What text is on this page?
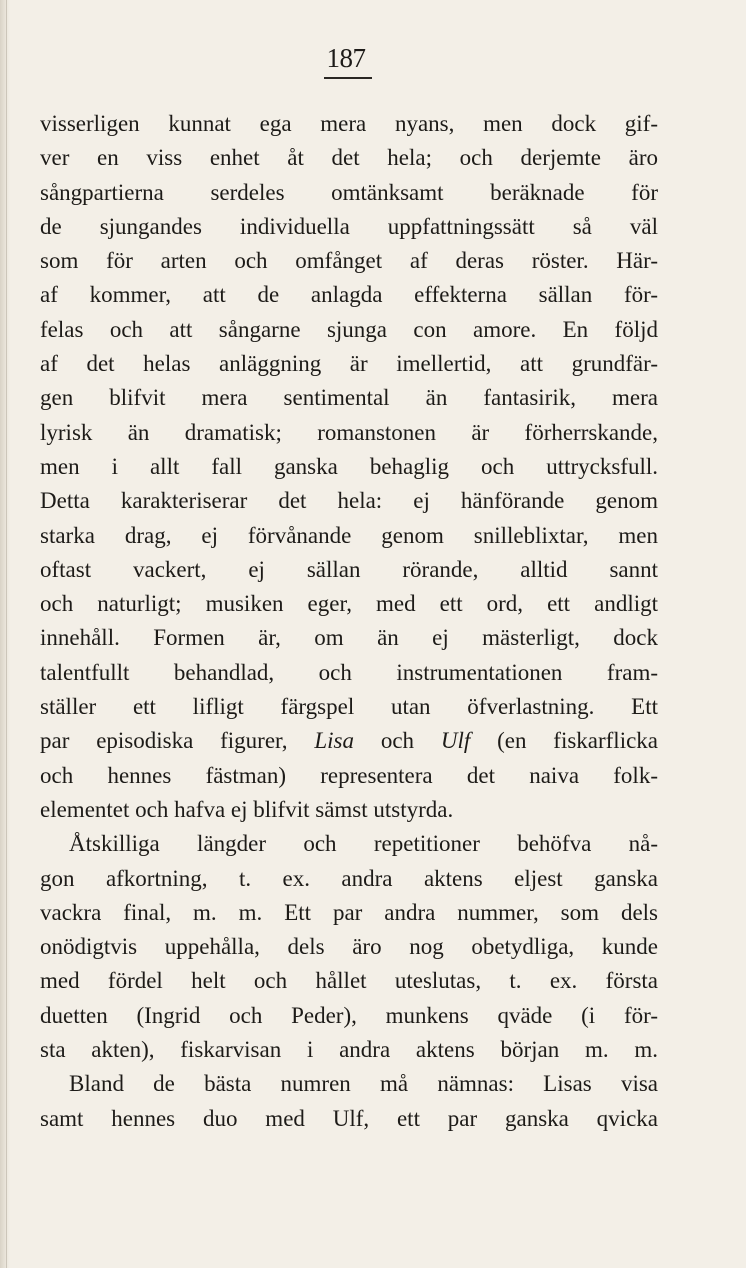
187
visserligen kunnat ega mera nyans, men dock gif-
ver en viss enhet åt det hela; och derjemte äro
sångpartierna serdeles omtänksamt beräknade för
de sjungandes individuella uppfattningssätt så väl
som för arten och omfånget af deras röster. Här-
af kommer, att de anlagda effekterna sällan för-
felas och att sångarne sjunga con amore. En följd
af det helas anläggning är imellertid, att grundfär-
gen blifvit mera sentimental än fantasirik, mera
lyrisk än dramatisk; romanstonen är förherrskande,
men i allt fall ganska behaglig och uttrycksfull.
Detta karakteriserar det hela: ej hänförande genom
starka drag, ej förvånande genom snilleblixtar, men
oftast vackert, ej sällan rörande, alltid sannt
och naturligt; musiken eger, med ett ord, ett andligt
innehåll. Formen är, om än ej mästerligt, dock
talentfullt behandlad, och instrumentationen fram-
ställer ett lifligt färgspel utan öfverlastning. Ett
par episodiska figurer, Lisa och Ulf (en fiskarflicka
och hennes fästman) representera det naiva folk-
elementet och hafva ej blifvit sämst utstyrda.
Åtskilliga längder och repetitioner behöfva nå-
gon afkortning, t. ex. andra aktens eljest ganska
vackra final, m. m. Ett par andra nummer, som dels
onödigtvis uppehålla, dels äro nog obetydliga, kunde
med fördel helt och hållet uteslutas, t. ex. första
duetten (Ingrid och Peder), munkens qväde (i för-
sta akten), fiskarvisan i andra aktens början m. m.
Bland de bästa numren må nämnas: Lisas visa
samt hennes duo med Ulf, ett par ganska qvicka
